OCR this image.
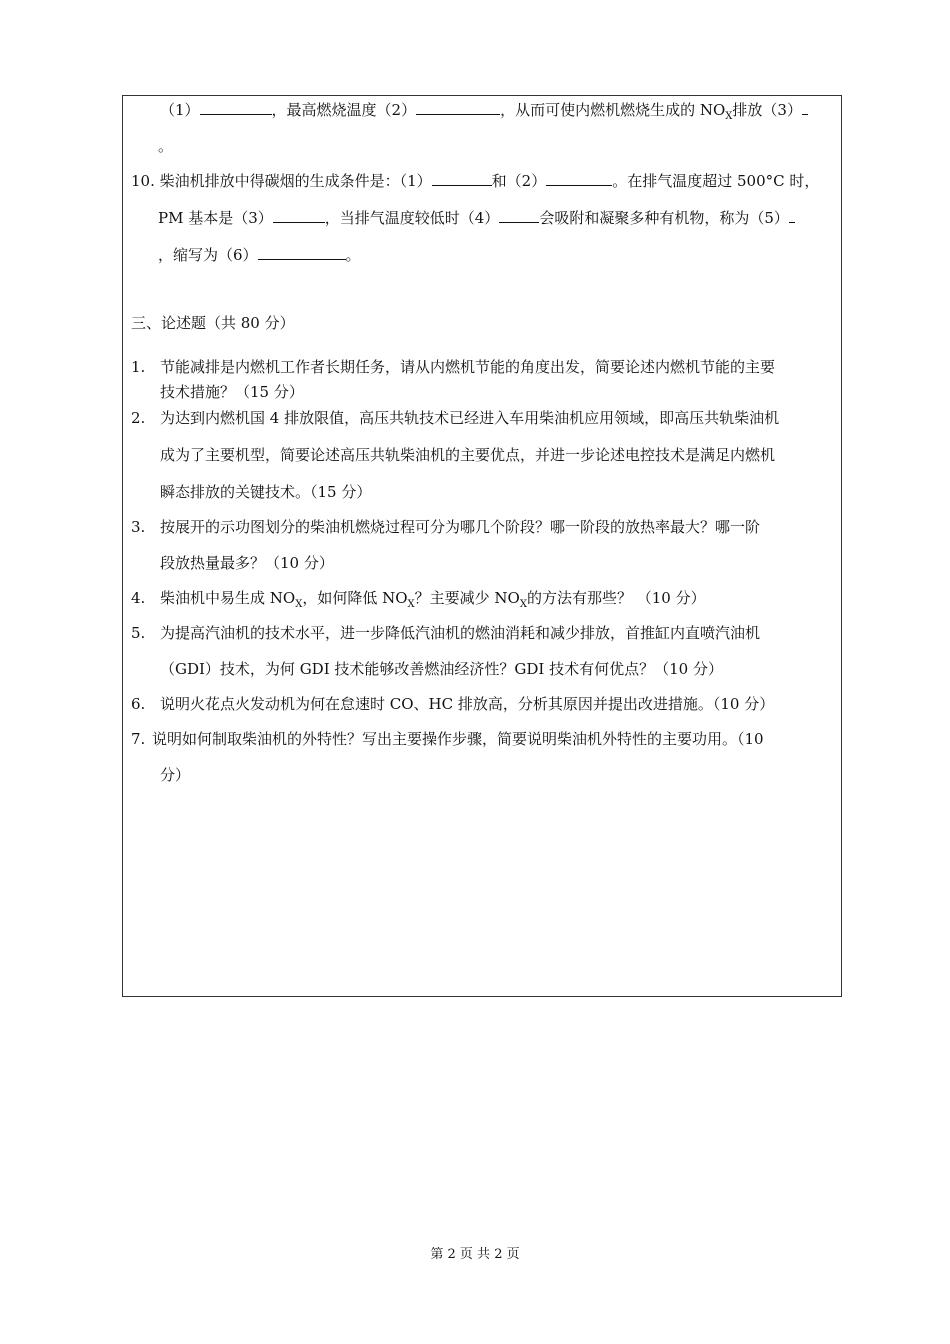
（1）	，最高燃烧温度（2）	，从而可使内燃机燃烧生成的 $NO_X$排放（3）
。
10. 柴油机排放中得碳烟的生成条件是：（1）	和（2）	。在排气温度超过 500°C 时，
PM 基本是（3）	，当排气温度较低时（4）	会吸附和凝聚多种有机物，称为（5）
，缩写为（6）	。
三、论述题（共 80 分）
1. 节能减排是内燃机工作者长期任务，请从内燃机节能的角度出发，简要论述内燃机节能的主要
技术措施？（15 分）
2. 为达到内燃机国 4 排放限值，高压共轨技术已经进入车用柴油机应用领域，即高压共轨柴油机
成为了主要机型，简要论述高压共轨柴油机的主要优点，并进一步论述电控技术是满足内燃机
瞬态排放的关键技术。（15 分）
3. 按展开的示功图划分的柴油机燃烧过程可分为哪几个阶段？哪一阶段的放热率最大？哪一阶
段放热量最多？（10 分）
4. 柴油机中易生成 $NO_X$，如何降低 $NO_X$？主要减少 $NO_X$的方法有那些？ （10 分）
5. 为提高汽油机的技术水平，进一步降低汽油机的燃油消耗和减少排放，首推缸内直喷汽油机
（GDI）技术，为何 GDI 技术能够改善燃油经济性？GDI 技术有何优点？（10 分）
6. 说明火花点火发动机为何在怠速时 CO、HC 排放高，分析其原因并提出改进措施。（10 分）
7. 说明如何制取柴油机的外特性？写出主要操作步骤，简要说明柴油机外特性的主要功用。（10
分）
第 2 页 共 2 页
